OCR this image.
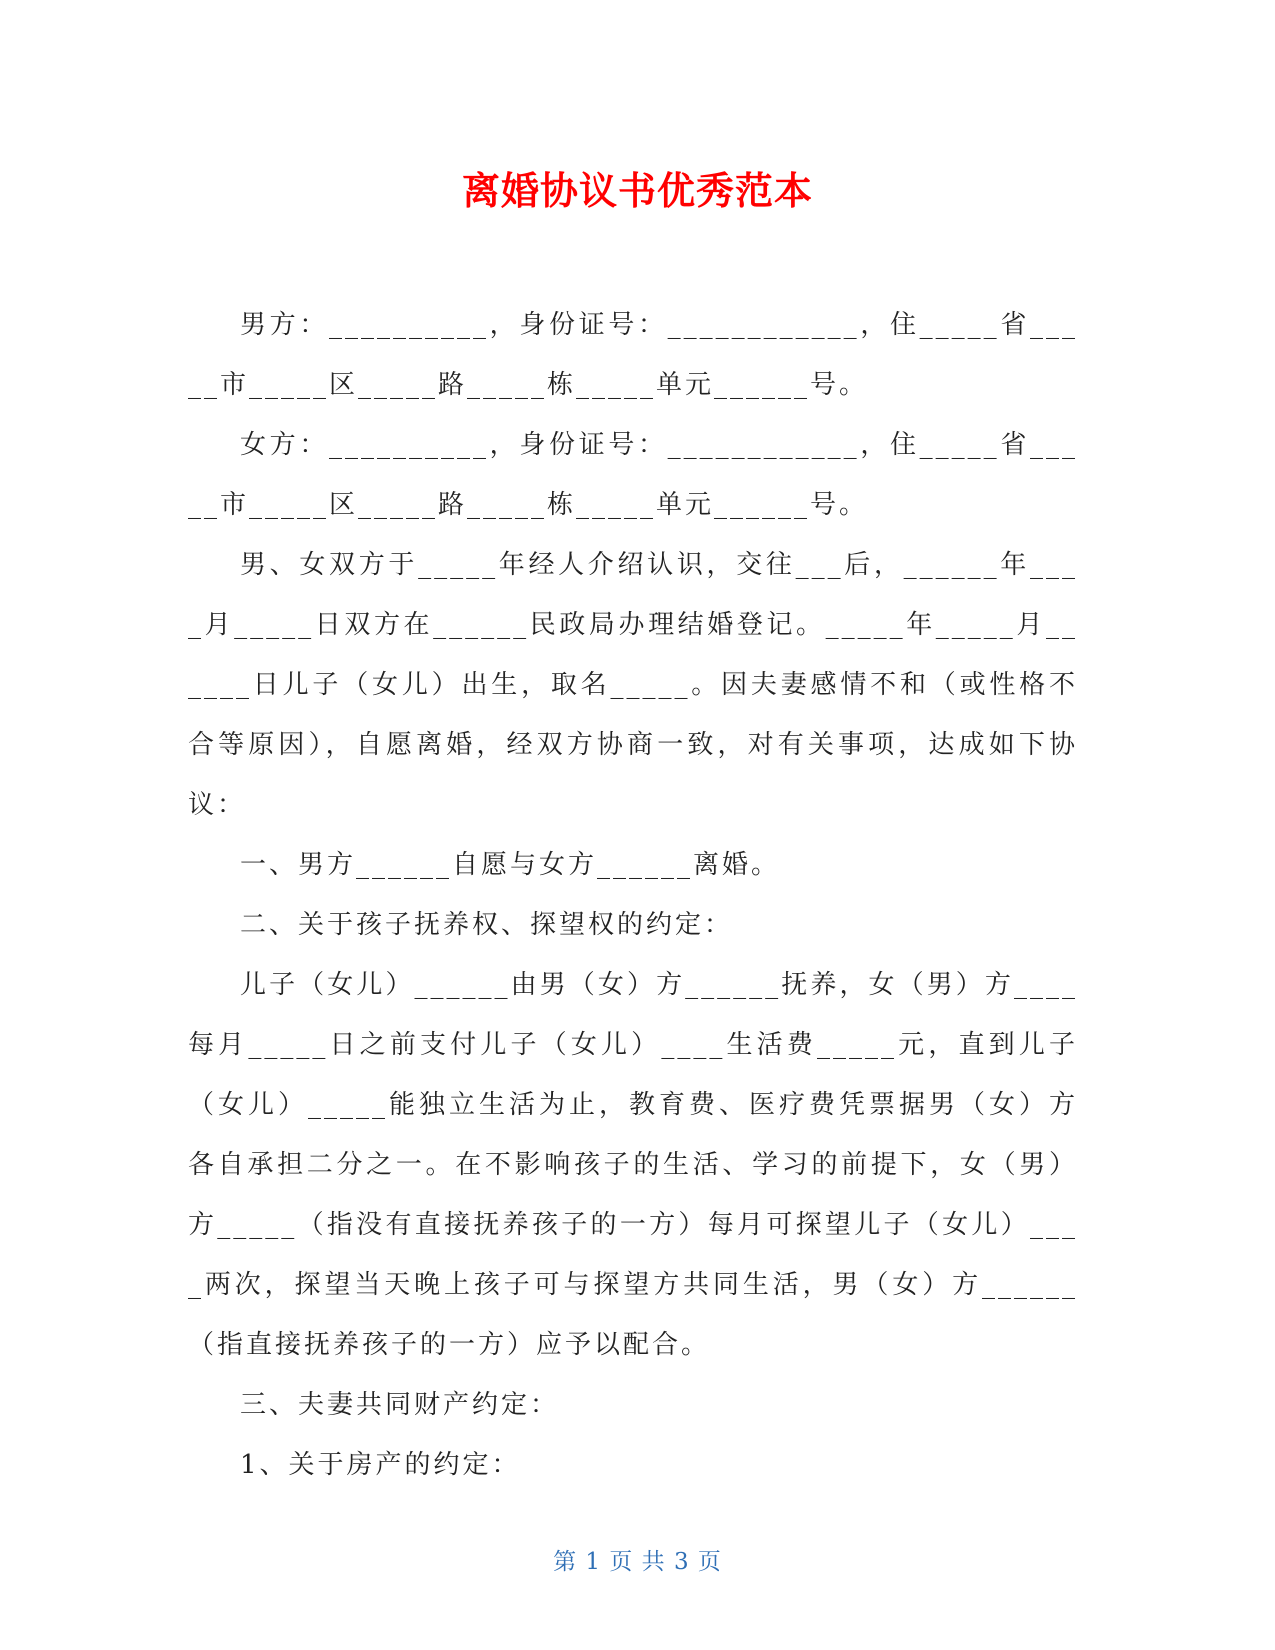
离婚协议书优秀范本

男方：__________，身份证号：____________，住_____省_____市_____区_____路_____栋_____单元______号。

女方：__________，身份证号：____________，住_____省_____市_____区_____路_____栋_____单元______号。

男、女双方于_____年经人介绍认识，交往___后，______年____月_____日双方在______民政局办理结婚登记。_____年_____月______日儿子（女儿）出生，取名_____。因夫妻感情不和（或性格不合等原因），自愿离婚，经双方协商一致，对有关事项，达成如下协议：

一、男方______自愿与女方______离婚。

二、关于孩子抚养权、探望权的约定：

儿子（女儿）______由男（女）方______抚养，女（男）方____每月_____日之前支付儿子（女儿）____生活费_____元，直到儿子（女儿）_____能独立生活为止，教育费、医疗费凭票据男（女）方各自承担二分之一。在不影响孩子的生活、学习的前提下，女（男）方_____（指没有直接抚养孩子的一方）每月可探望儿子（女儿）____两次，探望当天晚上孩子可与探望方共同生活，男（女）方______（指直接抚养孩子的一方）应予以配合。

三、夫妻共同财产约定：

1、关于房产的约定：

第 1 页 共 3 页
